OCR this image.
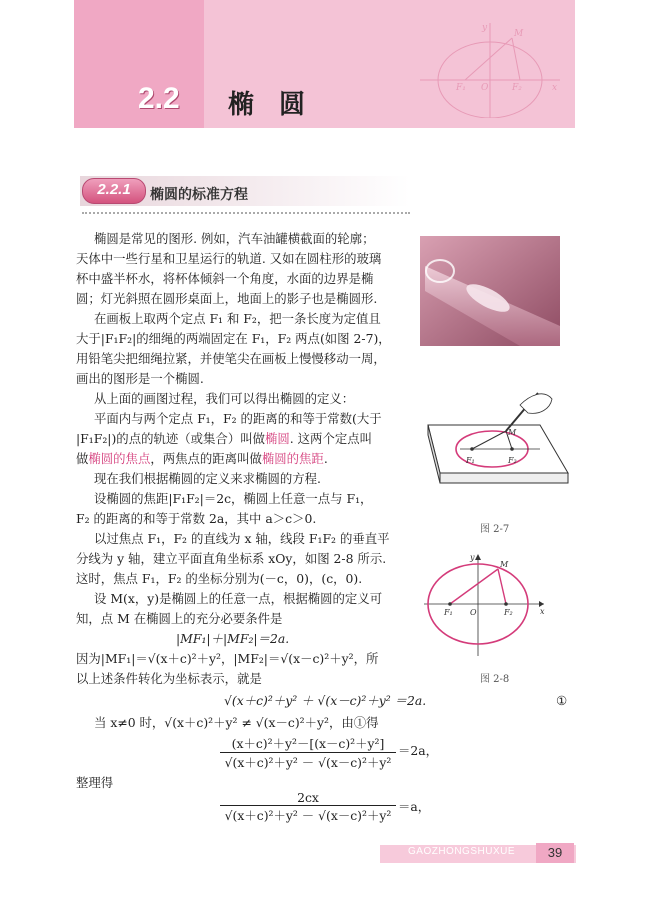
2.2 椭 圆
F₁ O	F₂
M
y
x
2.2.1	椭圆的标准方程
椭圆是常见的图形. 例如，汽车油罐横截面的轮廓；
天体中一些行星和卫星运行的轨道. 又如在圆柱形的玻璃
杯中盛半杯水，将杯体倾斜一个角度，水面的边界是椭
圆；灯光斜照在圆形桌面上，地面上的影子也是椭圆形.
在画板上取两个定点 F₁ 和 F₂，把一条长度为定值且
大于|F₁F₂|的细绳的两端固定在 F₁，F₂ 两点(如图 2-7)，
用铅笔尖把细绳拉紧，并使笔尖在画板上慢慢移动一周，
画出的图形是一个椭圆.
从上面的画图过程，我们可以得出椭圆的定义：
平面内与两个定点 F₁，F₂ 的距离的和等于常数(大于
|F₁F₂|)的点的轨迹（或集合）叫做椭圆. 这两个定点叫
做椭圆的焦点，两焦点的距离叫做椭圆的焦距.
现在我们根据椭圆的定义来求椭圆的方程.
设椭圆的焦距|F₁F₂|＝2c，椭圆上任意一点与 F₁，
F₂ 的距离的和等于常数 2a，其中 a＞c＞0.
以过焦点 F₁，F₂ 的直线为 x 轴，线段 F₁F₂ 的垂直平
分线为 y 轴，建立平面直角坐标系 xOy，如图 2-8 所示.
这时，焦点 F₁，F₂ 的坐标分别为(－c，0)，(c，0).
设 M(x，y)是椭圆上的任意一点，根据椭圆的定义可
知，点 M 在椭圆上的充分必要条件是
|MF₁|＋|MF₂|＝2a.
因为|MF₁|＝√(x＋c)²＋y²，|MF₂|＝√(x－c)²＋y²，所
以上述条件转化为坐标表示，就是
√(x＋c)²＋y² ＋ √(x－c)²＋y² ＝2a.	①
当 x≠0 时，√(x＋c)²＋y² ≠ √(x－c)²＋y²，由①得
(x＋c)²＋y²－[(x－c)²＋y²]
√(x＋c)²＋y² － √(x－c)²＋y²
＝2a，
整理得
2cx
√(x＋c)²＋y² － √(x－c)²＋y²
＝a，
F₁	F₂
M
图 2-7
F₁ O	F₂
M
x
y
图 2-8
GAOZHONGSHUXUE	39
